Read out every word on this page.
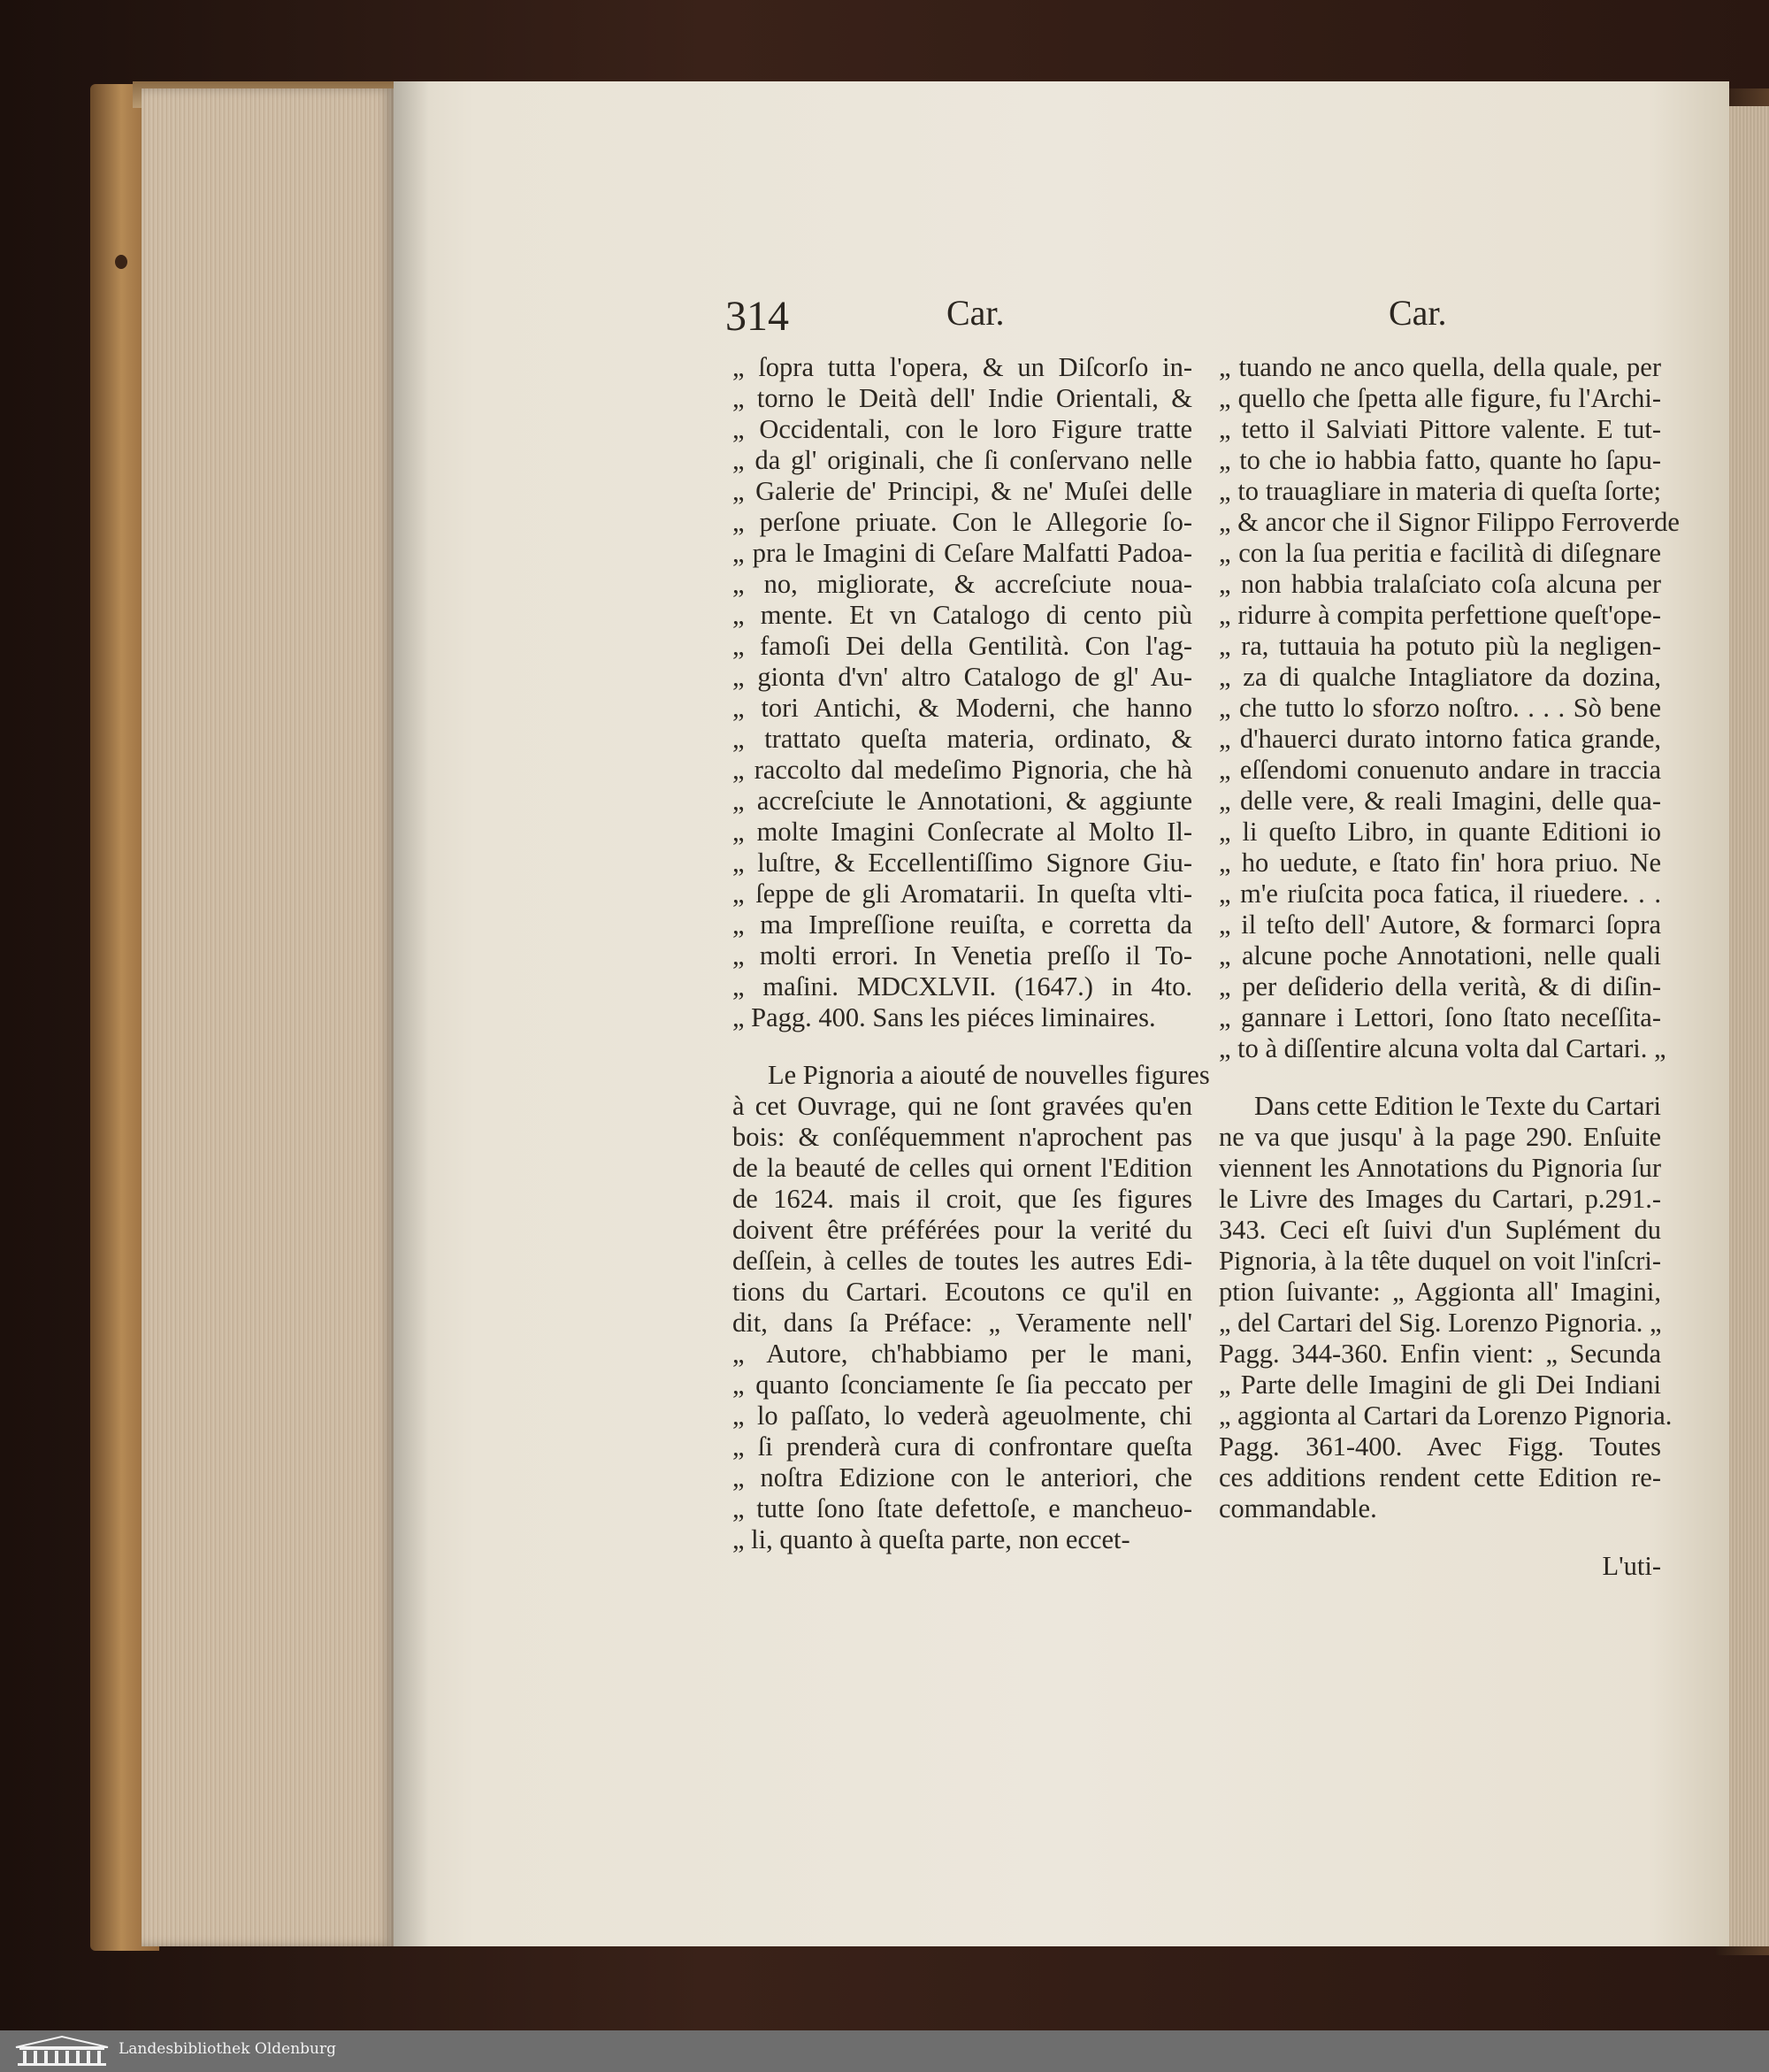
314	Car.	Car.
„ ſopra tutta l'opera, & un Diſcorſo in-
„ torno le Deità dell' Indie Orientali, &
„ Occidentali, con le loro Figure tratte
„ da gl' originali, che ſi conſervano nelle
„ Galerie de' Principi, & ne' Muſei delle
„ perſone priuate. Con le Allegorie ſo-
„ pra le Imagini di Ceſare Malfatti Padoa-
„ no, migliorate, & accreſciute noua-
„ mente. Et vn Catalogo di cento più
„ famoſi Dei della Gentilità. Con l'ag-
„ gionta d'vn' altro Catalogo de gl' Au-
„ tori Antichi, & Moderni, che hanno
„ trattato queſta materia, ordinato, &
„ raccolto dal medeſimo Pignoria, che hà
„ accreſciute le Annotationi, & aggiunte
„ molte Imagini Conſecrate al Molto Il-
„ luſtre, & Eccellentiſſimo Signore Giu-
„ ſeppe de gli Aromatarii. In queſta vlti-
„ ma Impreſſione reuiſta, e corretta da
„ molti errori. In Venetia preſſo il To-
„ maſini. MDCXLVII. (1647.) in 4to.
„ Pagg. 400. Sans les piéces liminaires.
Le Pignoria a aiouté de nouvelles figures
à cet Ouvrage, qui ne ſont gravées qu'en
bois: & conſéquemment n'aprochent pas
de la beauté de celles qui ornent l'Edition
de 1624. mais il croit, que ſes figures
doivent être préférées pour la verité du
deſſein, à celles de toutes les autres Edi-
tions du Cartari. Ecoutons ce qu'il en
dit, dans ſa Préface: „ Veramente nell'
„ Autore, ch'habbiamo per le mani,
„ quanto ſconciamente ſe ſia peccato per
„ lo paſſato, lo vederà ageuolmente, chi
„ ſi prenderà cura di confrontare queſta
„ noſtra Edizione con le anteriori, che
„ tutte ſono ſtate defettoſe, e mancheuo-
„ li, quanto à queſta parte, non eccet-
„ tuando ne anco quella, della quale, per
„ quello che ſpetta alle figure, fu l'Archi-
„ tetto il Salviati Pittore valente. E tut-
„ to che io habbia fatto, quante ho ſapu-
„ to trauagliare in materia di queſta ſorte;
„ & ancor che il Signor Filippo Ferroverde
„ con la ſua peritia e facilità di diſegnare
„ non habbia tralaſciato coſa alcuna per
„ ridurre à compita perfettione queſt'ope-
„ ra, tuttauia ha potuto più la negligen-
„ za di qualche Intagliatore da dozina,
„ che tutto lo sforzo noſtro. . . . Sò bene
„ d'hauerci durato intorno fatica grande,
„ eſſendomi conuenuto andare in traccia
„ delle vere, & reali Imagini, delle qua-
„ li queſto Libro, in quante Editioni io
„ ho uedute, e ſtato fin' hora priuo. Ne
„ m'e riuſcita poca fatica, il riuedere. . .
„ il teſto dell' Autore, & formarci ſopra
„ alcune poche Annotationi, nelle quali
„ per deſiderio della verità, & di diſin-
„ gannare i Lettori, ſono ſtato neceſſita-
„ to à diſſentire alcuna volta dal Cartari. „
Dans cette Edition le Texte du Cartari
ne va que jusqu' à la page 290. Enſuite
viennent les Annotations du Pignoria ſur
le Livre des Images du Cartari, p.291.-
343. Ceci eſt ſuivi d'un Suplément du
Pignoria, à la tête duquel on voit l'inſcri-
ption ſuivante: „ Aggionta all' Imagini,
„ del Cartari del Sig. Lorenzo Pignoria. „
Pagg. 344-360. Enfin vient: „ Secunda
„ Parte delle Imagini de gli Dei Indiani
„ aggionta al Cartari da Lorenzo Pignoria.
Pagg. 361-400. Avec Figg. Toutes
ces additions rendent cette Edition re-
commandable.
L'uti-
Landesbibliothek Oldenburg
